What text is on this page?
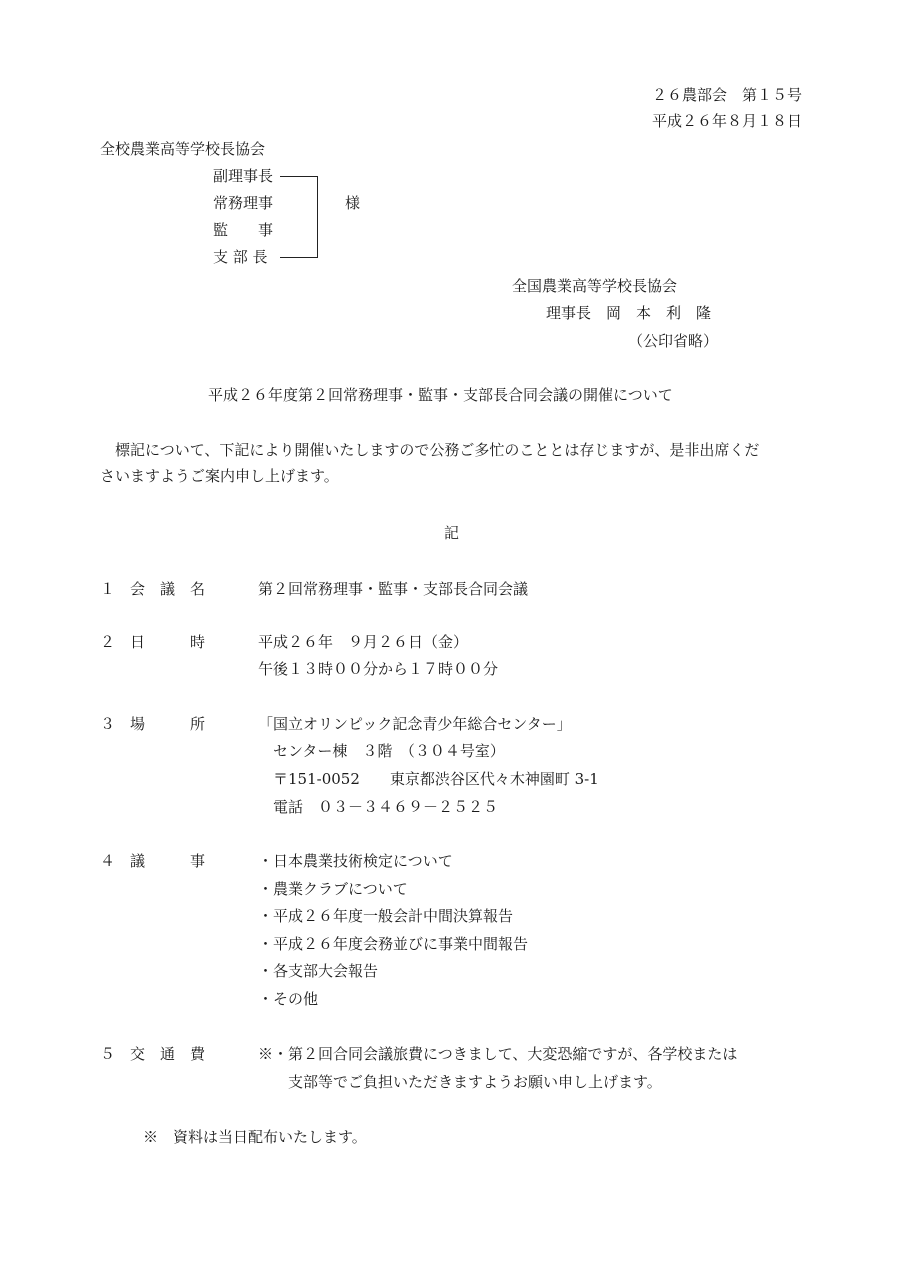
２６農部会　第１５号
平成２６年８月１８日
全校農業高等学校長協会
副理事長
常務理事
監　　事
支 部 長
様
全国農業高等学校長協会
理事長　岡　本　利　隆
（公印省略）
平成２６年度第２回常務理事・監事・支部長合同会議の開催について
　標記について、下記により開催いたしますので公務ご多忙のこととは存じますが、是非出席くだ
さいますようご案内申し上げます。
記
１ 会　議　名	第２回常務理事・監事・支部長合同会議
２ 日　　　時	平成２６年　９月２６日（金）
午後１３時００分から１７時００分
３ 場　　　所	「国立オリンピック記念青少年総合センター」
　センター棟　３階　（３０４号室）
　〒151-0052　　東京都渋谷区代々木神園町 3-1
　電話　０３－３４６９－２５２５
４ 議　　　事	・日本農業技術検定について
・農業クラブについて
・平成２６年度一般会計中間決算報告
・平成２６年度会務並びに事業中間報告
・各支部大会報告
・その他
５ 交　通　費	※・第２回合同会議旅費につきまして、大変恐縮ですが、各学校または
　　支部等でご負担いただきますようお願い申し上げます。
※　資料は当日配布いたします。
